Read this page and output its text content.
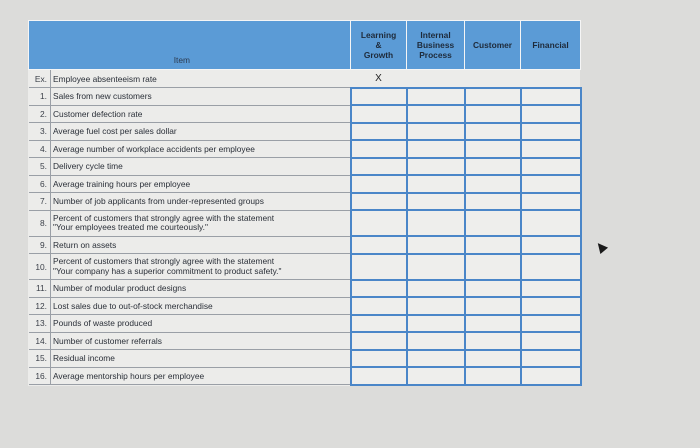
Item		Learning
&
Growth	Internal
Business
Process	Customer	Financial
Ex.	Employee absenteeism rate	X			
1.	Sales from new customers				
2.	Customer defection rate				
3.	Average fuel cost per sales dollar				
4.	Average number of workplace accidents per employee				
5.	Delivery cycle time				
6.	Average training hours per employee				
7.	Number of job applicants from under-represented groups				
8.	Percent of customers that strongly agree with the statement
"Your employees treated me courteously."				
9.	Return on assets				
10.	Percent of customers that strongly agree with the statement
"Your company has a superior commitment to product safety."				
11.	Number of modular product designs				
12.	Lost sales due to out-of-stock merchandise				
13.	Pounds of waste produced				
14.	Number of customer referrals				
15.	Residual income				
16.	Average mentorship hours per employee				
